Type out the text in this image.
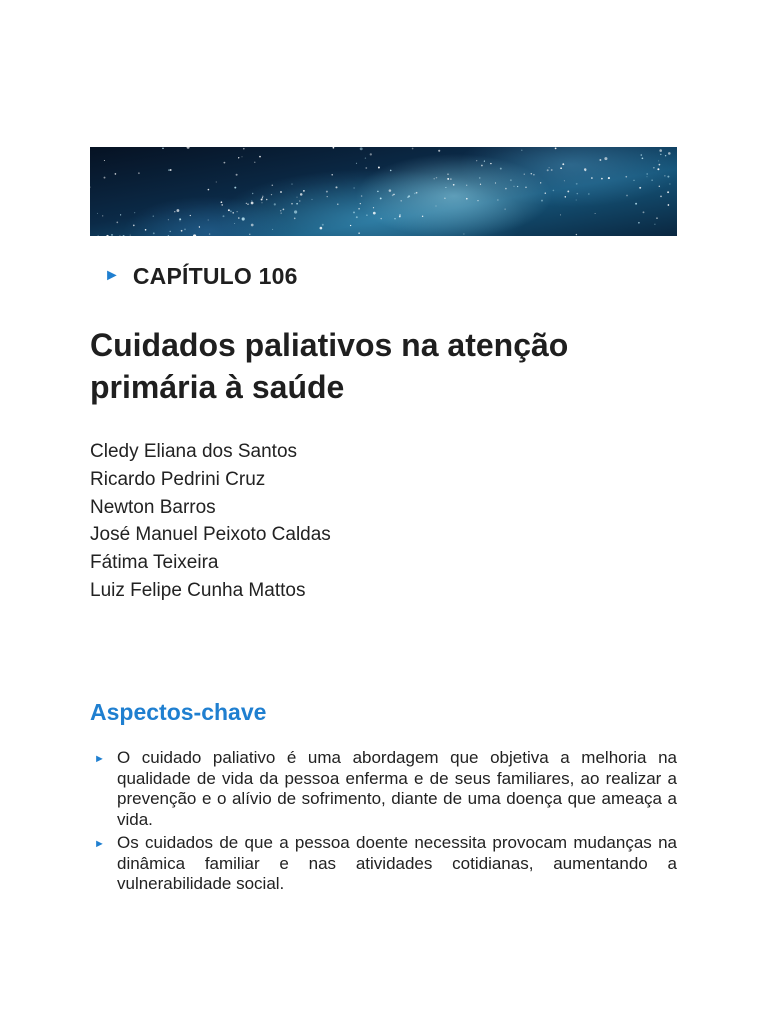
► CAPÍTULO 106
Cuidados paliativos na atenção
primária à saúde
Cledy Eliana dos Santos
Ricardo Pedrini Cruz
Newton Barros
José Manuel Peixoto Caldas
Fátima Teixeira
Luiz Felipe Cunha Mattos
Aspectos-chave
► O cuidado paliativo é uma abordagem que objetiva a melhoria na qualidade de vida da pessoa enferma e de seus familiares, ao realizar a prevenção e o alívio de sofrimento, diante de uma doença que ameaça a vida.
► Os cuidados de que a pessoa doente necessita provocam mudanças na dinâmica familiar e nas atividades cotidianas, aumentando a vulnerabilidade social.
